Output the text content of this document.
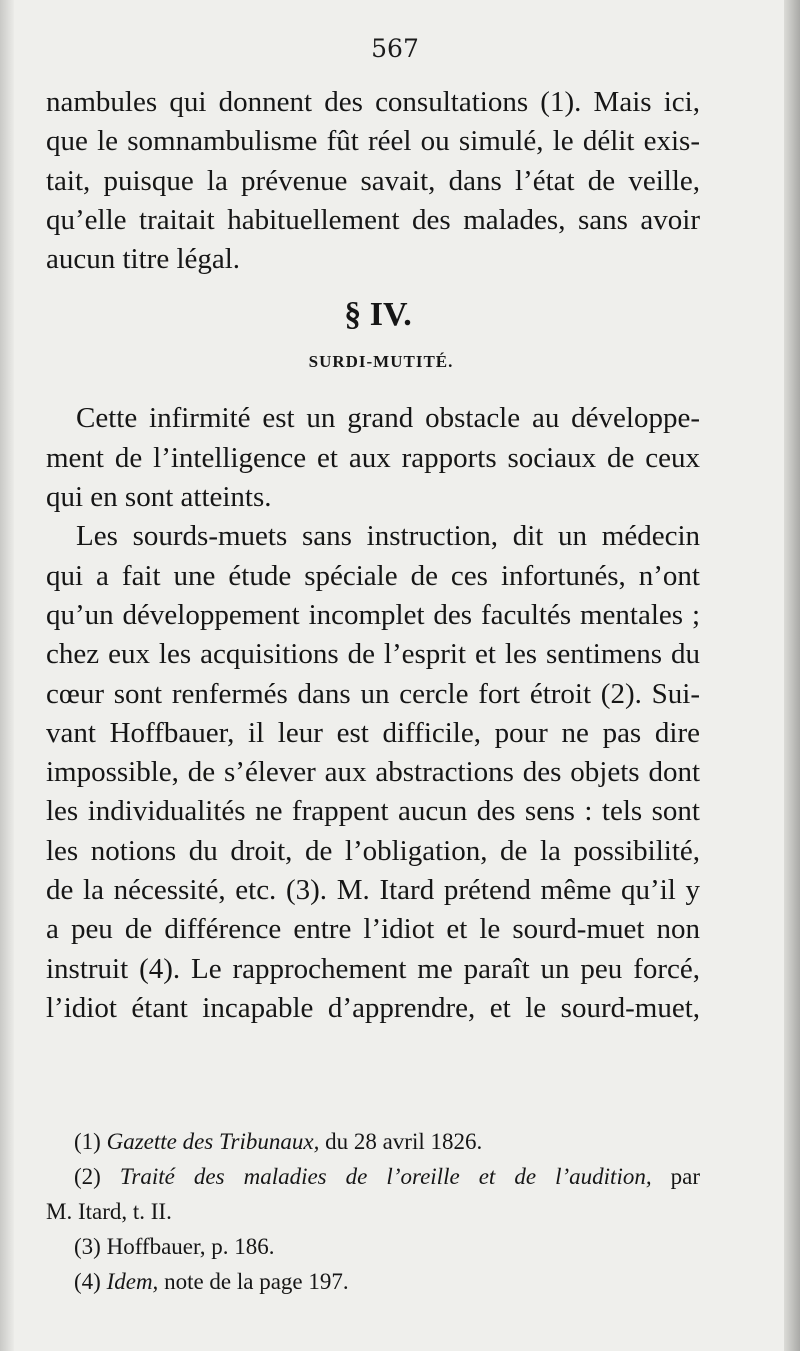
567
nambules qui donnent des consultations (1). Mais ici,
que le somnambulisme fût réel ou simulé, le délit exis-
tait, puisque la prévenue savait, dans l’état de veille,
qu’elle traitait habituellement des malades, sans avoir
aucun titre légal.
§ IV.
SURDI-MUTITÉ.
Cette infirmité est un grand obstacle au développe-
ment de l’intelligence et aux rapports sociaux de ceux
qui en sont atteints.
Les sourds-muets sans instruction, dit un médecin
qui a fait une étude spéciale de ces infortunés, n’ont
qu’un développement incomplet des facultés mentales ;
chez eux les acquisitions de l’esprit et les sentimens du
cœur sont renfermés dans un cercle fort étroit (2). Sui-
vant Hoffbauer, il leur est difficile, pour ne pas dire
impossible, de s’élever aux abstractions des objets dont
les individualités ne frappent aucun des sens : tels sont
les notions du droit, de l’obligation, de la possibilité,
de la nécessité, etc. (3). M. Itard prétend même qu’il y
a peu de différence entre l’idiot et le sourd-muet non
instruit (4). Le rapprochement me paraît un peu forcé,
l’idiot étant incapable d’apprendre, et le sourd-muet,
(1) Gazette des Tribunaux, du 28 avril 1826.
(2) Traité des maladies de l’oreille et de l’audition, par
M. Itard, t. II.
(3) Hoffbauer, p. 186.
(4) Idem, note de la page 197.
